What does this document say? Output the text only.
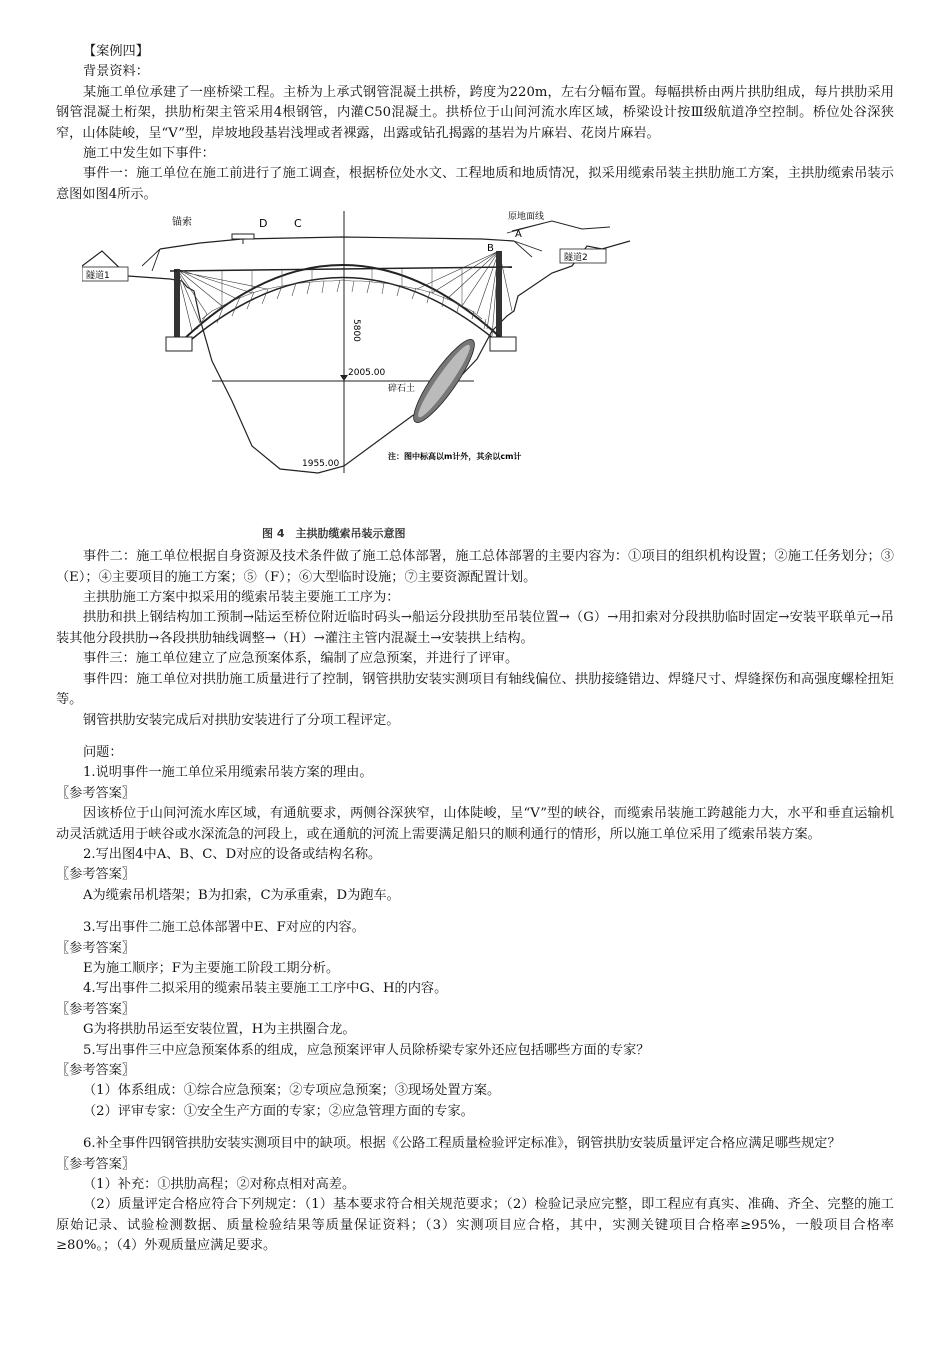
【案例四】

背景资料：

某施工单位承建了一座桥梁工程。主桥为上承式钢管混凝土拱桥，跨度为220m，左右分幅布置。每幅拱桥由两片拱肋组成，每片拱肋采用钢管混凝土桁架，拱肋桁架主管采用4根钢管，内灌C50混凝土。拱桥位于山间河流水库区域，桥梁设计按Ⅲ级航道净空控制。桥位处谷深狭窄，山体陡峻，呈“V”型，岸坡地段基岩浅埋或者裸露，出露或钻孔揭露的基岩为片麻岩、花岗片麻岩。

施工中发生如下事件：

事件一：施工单位在施工前进行了施工调查，根据桥位处水文、工程地质和地质情况，拟采用缆索吊装主拱肋施工方案，主拱肋缆索吊装示意图如图4所示。

锚索	D C
B
A
原地面线
隧道1
隧道2
5800
2005.00
碎石土
1955.00
注：图中标高以m计外，其余以cm计

图 4　主拱肋缆索吊装示意图

事件二：施工单位根据自身资源及技术条件做了施工总体部署，施工总体部署的主要内容为：①项目的组织机构设置；②施工任务划分；③（E）；④主要项目的施工方案；⑤（F）；⑥大型临时设施；⑦主要资源配置计划。

主拱肋施工方案中拟采用的缆索吊装主要施工工序为：

拱肋和拱上钢结构加工预制→陆运至桥位附近临时码头→船运分段拱肋至吊装位置→（G）→用扣索对分段拱肋临时固定→安装平联单元→吊装其他分段拱肋→各段拱肋轴线调整→（H）→灌注主管内混凝土→安装拱上结构。

事件三：施工单位建立了应急预案体系，编制了应急预案，并进行了评审。

事件四：施工单位对拱肋施工质量进行了控制，钢管拱肋安装实测项目有轴线偏位、拱肋接缝错边、焊缝尺寸、焊缝探伤和高强度螺栓扭矩等。

钢管拱肋安装完成后对拱肋安装进行了分项工程评定。

问题：

1.说明事件一施工单位采用缆索吊装方案的理由。

〖参考答案〗

因该桥位于山间河流水库区域，有通航要求，两侧谷深狭窄，山体陡峻，呈“V”型的峡谷，而缆索吊装施工跨越能力大，水平和垂直运输机动灵活就适用于峡谷或水深流急的河段上，或在通航的河流上需要满足船只的顺利通行的情形，所以施工单位采用了缆索吊装方案。

2.写出图4中A、B、C、D对应的设备或结构名称。

〖参考答案〗

A为缆索吊机塔架；B为扣索，C为承重索，D为跑车。

3.写出事件二施工总体部署中E、F对应的内容。

〖参考答案〗

E为施工顺序；F为主要施工阶段工期分析。

4.写出事件二拟采用的缆索吊装主要施工工序中G、H的内容。

〖参考答案〗

G为将拱肋吊运至安装位置，H为主拱圈合龙。

5.写出事件三中应急预案体系的组成，应急预案评审人员除桥梁专家外还应包括哪些方面的专家？

〖参考答案〗

（1）体系组成：①综合应急预案；②专项应急预案；③现场处置方案。

（2）评审专家：①安全生产方面的专家；②应急管理方面的专家。

6.补全事件四钢管拱肋安装实测项目中的缺项。根据《公路工程质量检验评定标准》，钢管拱肋安装质量评定合格应满足哪些规定？

〖参考答案〗

（1）补充：①拱肋高程；②对称点相对高差。

（2）质量评定合格应符合下列规定：（1）基本要求符合相关规范要求；（2）检验记录应完整，即工程应有真实、准确、齐全、完整的施工原始记录、试验检测数据、质量检验结果等质量保证资料；（3）实测项目应合格，其中，实测关键项目合格率≥95%，一般项目合格率≥80%。；（4）外观质量应满足要求。
